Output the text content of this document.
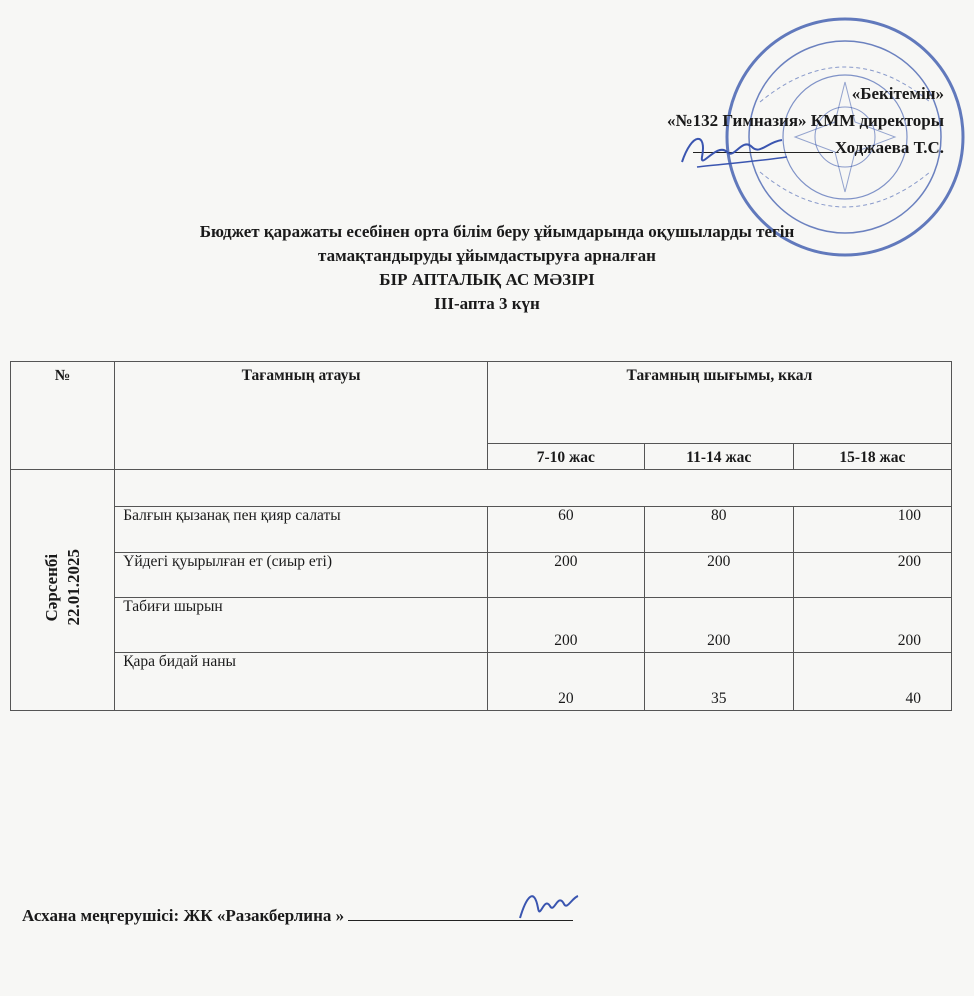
«Бекітемін»
«№132 Гимназия» КММ директоры
Ходжаева Т.С.
Бюджет қаражаты есебінен орта білім беру ұйымдарында оқушыларды тегін
тамақтандыруды ұйымдастыруға арналған
БІР АПТАЛЫҚ АС МӘЗІРІ
ІІІ-апта 3 күн
№	Тағамның атауы	Тағамның шығымы, ккал		
		7-10 жас	11-14 жас	15-18 жас
Сәрсенбі 22.01.2025				
	Балғын қызанақ пен қияр салаты	60	80	100
	Үйдегі қуырылған ет (сиыр еті)	200	200	200
	Табиғи шырын	200	200	200
	Қара бидай наны	20	35	40
Асхана меңгерушісі: ЖК «Разакберлина »
